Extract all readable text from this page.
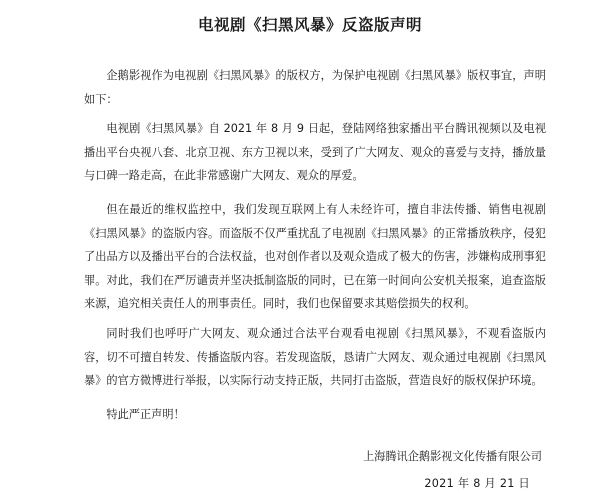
电视剧《扫黑风暴》反盗版声明

企鹅影视作为电视剧《扫黑风暴》的版权方，为保护电视剧《扫黑风暴》版权事宜，声明如下：

电视剧《扫黑风暴》自 2021 年 8 月 9 日起，登陆网络独家播出平台腾讯视频以及电视播出平台央视八套、北京卫视、东方卫视以来，受到了广大网友、观众的喜爱与支持，播放量与口碑一路走高，在此非常感谢广大网友、观众的厚爱。

但在最近的维权监控中，我们发现互联网上有人未经许可，擅自非法传播、销售电视剧《扫黑风暴》的盗版内容。而盗版不仅严重扰乱了电视剧《扫黑风暴》的正常播放秩序，侵犯了出品方以及播出平台的合法权益，也对创作者以及观众造成了极大的伤害，涉嫌构成刑事犯罪。对此，我们在严厉谴责并坚决抵制盗版的同时，已在第一时间向公安机关报案，追查盗版来源，追究相关责任人的刑事责任。同时，我们也保留要求其赔偿损失的权利。

同时我们也呼吁广大网友、观众通过合法平台观看电视剧《扫黑风暴》，不观看盗版内容，切不可擅自转发、传播盗版内容。若发现盗版，恳请广大网友、观众通过电视剧《扫黑风暴》的官方微博进行举报，以实际行动支持正版，共同打击盗版，营造良好的版权保护环境。

特此严正声明！

上海腾讯企鹅影视文化传播有限公司
2021 年 8 月 21 日
